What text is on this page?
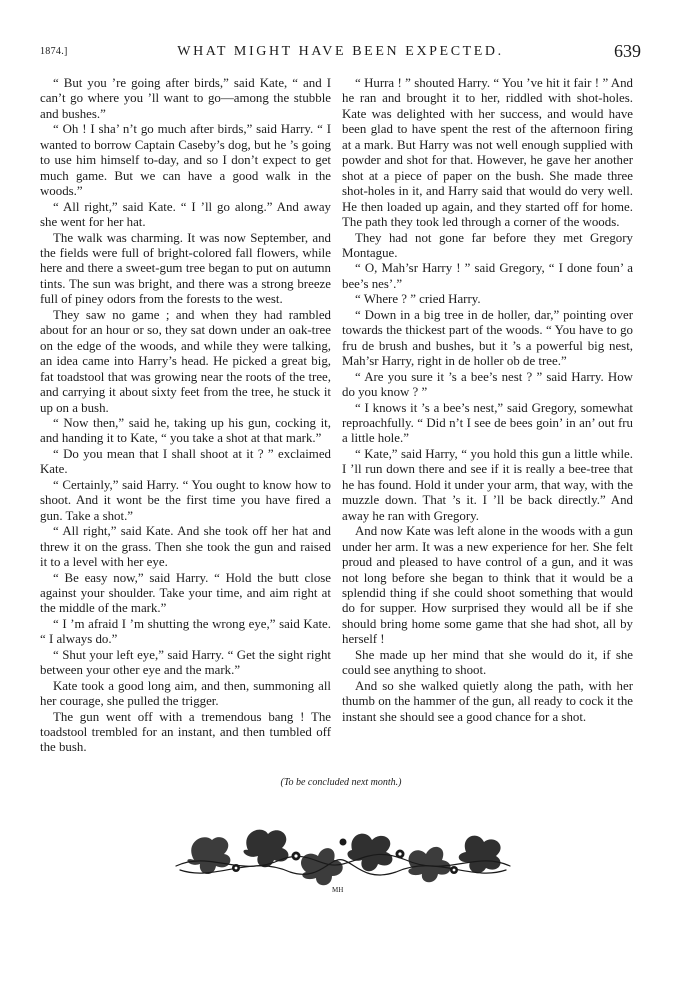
1874.]	WHAT MIGHT HAVE BEEN EXPECTED.	639

“ But you ’re going after birds,” said Kate, “ and I can’t go where you ’ll want to go—among the stubble and bushes.”

“ Oh ! I sha’ n’t go much after birds,” said Harry. “ I wanted to borrow Captain Caseby’s dog, but he ’s going to use him himself to-day, and so I don’t expect to get much game. But we can have a good walk in the woods.”

“ All right,” said Kate. “ I ’ll go along.” And away she went for her hat.

The walk was charming. It was now September, and the fields were full of bright-colored fall flowers, while here and there a sweet-gum tree began to put on autumn tints. The sun was bright, and there was a strong breeze full of piney odors from the forests to the west.

They saw no game ; and when they had rambled about for an hour or so, they sat down under an oak-tree on the edge of the woods, and while they were talking, an idea came into Harry’s head. He picked a great big, fat toadstool that was growing near the roots of the tree, and carrying it about sixty feet from the tree, he stuck it up on a bush.

“ Now then,” said he, taking up his gun, cocking it, and handing it to Kate, “ you take a shot at that mark.”

“ Do you mean that I shall shoot at it ? ” exclaimed Kate.

“ Certainly,” said Harry. “ You ought to know how to shoot. And it wont be the first time you have fired a gun. Take a shot.”

“ All right,” said Kate. And she took off her hat and threw it on the grass. Then she took the gun and raised it to a level with her eye.

“ Be easy now,” said Harry. “ Hold the butt close against your shoulder. Take your time, and aim right at the middle of the mark.”

“ I ’m afraid I ’m shutting the wrong eye,” said Kate. “ I always do.”

“ Shut your left eye,” said Harry. “ Get the sight right between your other eye and the mark.”

Kate took a good long aim, and then, summoning all her courage, she pulled the trigger.

The gun went off with a tremendous bang ! The toadstool trembled for an instant, and then tumbled off the bush.

“ Hurra ! ” shouted Harry. “ You ’ve hit it fair ! ” And he ran and brought it to her, riddled with shot-holes. Kate was delighted with her success, and would have been glad to have spent the rest of the afternoon firing at a mark. But Harry was not well enough supplied with powder and shot for that. However, he gave her another shot at a piece of paper on the bush. She made three shot-holes in it, and Harry said that would do very well. He then loaded up again, and they started off for home. The path they took led through a corner of the woods.

They had not gone far before they met Gregory Montague.

“ O, Mah’sr Harry ! ” said Gregory, “ I done foun’ a bee’s nes’.”

“ Where ? ” cried Harry.

“ Down in a big tree in de holler, dar,” pointing over towards the thickest part of the woods. “ You have to go fru de brush and bushes, but it ’s a powerful big nest, Mah’sr Harry, right in de holler ob de tree.”

“ Are you sure it ’s a bee’s nest ? ” said Harry. How do you know ? ”

“ I knows it ’s a bee’s nest,” said Gregory, somewhat reproachfully. “ Did n’t I see de bees goin’ in an’ out fru a little hole.”

“ Kate,” said Harry, “ you hold this gun a little while. I ’ll run down there and see if it is really a bee-tree that he has found. Hold it under your arm, that way, with the muzzle down. That ’s it. I ’ll be back directly.” And away he ran with Gregory.

And now Kate was left alone in the woods with a gun under her arm. It was a new experience for her. She felt proud and pleased to have control of a gun, and it was not long before she began to think that it would be a splendid thing if she could shoot something that would do for supper. How surprised they would all be if she should bring home some game that she had shot, all by herself !

She made up her mind that she would do it, if she could see anything to shoot.

And so she walked quietly along the path, with her thumb on the hammer of the gun, all ready to cock it the instant she should see a good chance for a shot.

(To be concluded next month.)
MH
